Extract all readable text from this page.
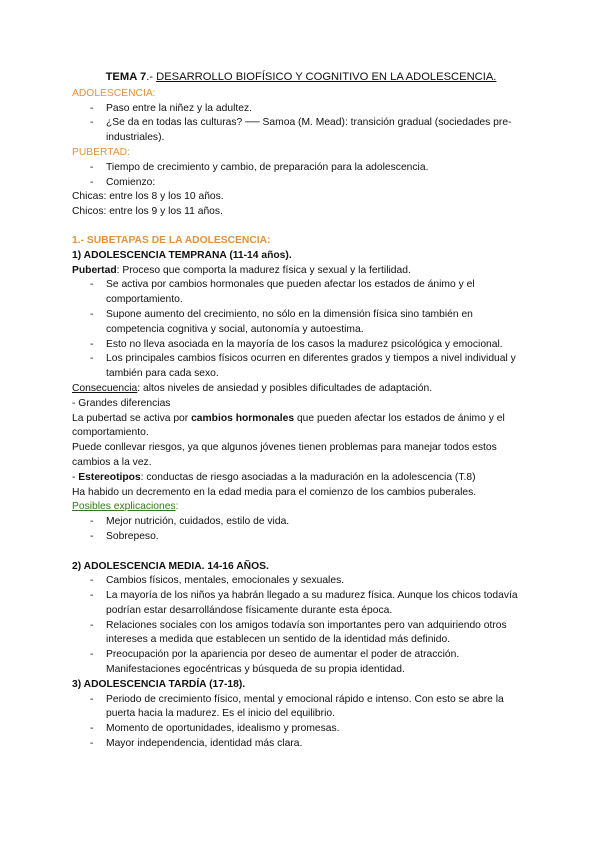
TEMA 7.- DESARROLLO BIOFÍSICO Y COGNITIVO EN LA ADOLESCENCIA.

ADOLESCENCIA:

- Paso entre la niñez y la adultez.
- ¿Se da en todas las culturas? ── Samoa (M. Mead): transición gradual (sociedades pre-industriales).

PUBERTAD:

- Tiempo de crecimiento y cambio, de preparación para la adolescencia.
- Comienzo:

Chicas: entre los 8 y los 10 años.

Chicos: entre los 9 y los 11 años.

1.- SUBETAPAS DE LA ADOLESCENCIA:

1) ADOLESCENCIA TEMPRANA (11-14 años).

Pubertad: Proceso que comporta la madurez física y sexual y la fertilidad.

- Se activa por cambios hormonales que pueden afectar los estados de ánimo y el comportamiento.
- Supone aumento del crecimiento, no sólo en la dimensión física sino también en competencia cognitiva y social, autonomía y autoestima.
- Esto no lleva asociada en la mayoría de los casos la madurez psicológica y emocional.
- Los principales cambios físicos ocurren en diferentes grados y tiempos a nivel individual y también para cada sexo.

Consecuencia: altos niveles de ansiedad y posibles dificultades de adaptación.

- Grandes diferencias

La pubertad se activa por cambios hormonales que pueden afectar los estados de ánimo y el comportamiento.

Puede conllevar riesgos, ya que algunos jóvenes tienen problemas para manejar todos estos cambios a la vez.

- Estereotipos: conductas de riesgo asociadas a la maduración en la adolescencia (T.8)

Ha habido un decremento en la edad media para el comienzo de los cambios puberales.

Posibles explicaciones:

- Mejor nutrición, cuidados, estilo de vida.
- Sobrepeso.

2) ADOLESCENCIA MEDIA. 14-16 AÑOS.

- Cambios físicos, mentales, emocionales y sexuales.
- La mayoría de los niños ya habrán llegado a su madurez física. Aunque los chicos todavía podrían estar desarrollándose físicamente durante esta época.
- Relaciones sociales con los amigos todavía son importantes pero van adquiriendo otros intereses a medida que establecen un sentido de la identidad más definido.
- Preocupación por la apariencia por deseo de aumentar el poder de atracción. Manifestaciones egocéntricas y búsqueda de su propia identidad.

3) ADOLESCENCIA TARDÍA (17-18).

- Periodo de crecimiento físico, mental y emocional rápido e intenso. Con esto se abre la puerta hacia la madurez. Es el inicio del equilibrio.
- Momento de oportunidades, idealismo y promesas.
- Mayor independencia, identidad más clara.
